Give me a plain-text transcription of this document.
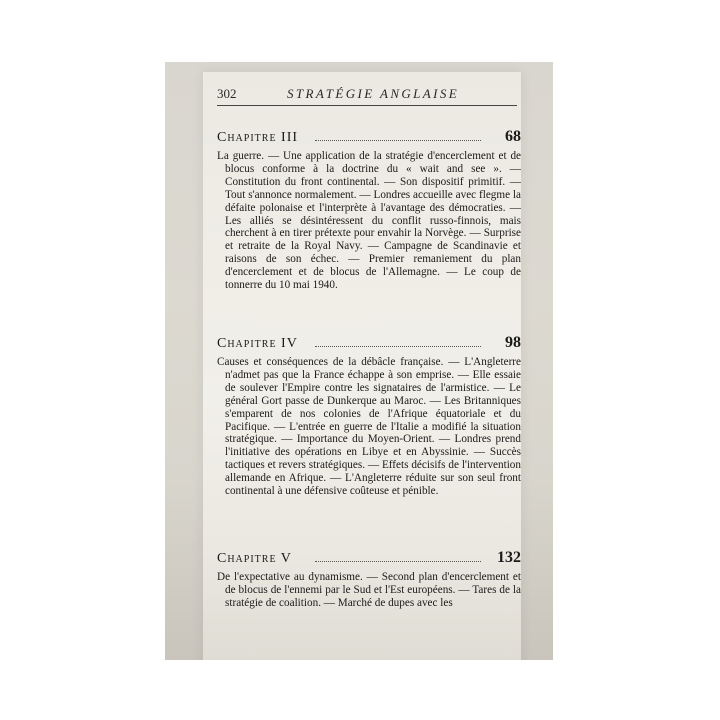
302	STRATÉGIE ANGLAISE
Chapitre III	68

La guerre. — Une application de la stratégie d'encerclement et de blocus conforme à la doctrine du « wait and see ». — Constitution du front continental. — Son dispositif primitif. — Tout s'annonce normalement. — Londres accueille avec flegme la défaite polonaise et l'interprète à l'avantage des démocraties. — Les alliés se désintéressent du conflit russo-finnois, mais cherchent à en tirer prétexte pour envahir la Norvège. — Surprise et retraite de la Royal Navy. — Campagne de Scandinavie et raisons de son échec. — Premier remaniement du plan d'encerclement et de blocus de l'Allemagne. — Le coup de tonnerre du 10 mai 1940.

Chapitre IV	98

Causes et conséquences de la débâcle française. — L'Angleterre n'admet pas que la France échappe à son emprise. — Elle essaie de soulever l'Empire contre les signataires de l'armistice. — Le général Gort passe de Dunkerque au Maroc. — Les Britanniques s'emparent de nos colonies de l'Afrique équatoriale et du Pacifique. — L'entrée en guerre de l'Italie a modifié la situation stratégique. — Importance du Moyen-Orient. — Londres prend l'initiative des opérations en Libye et en Abyssinie. — Succès tactiques et revers stratégiques. — Effets décisifs de l'intervention allemande en Afrique. — L'Angleterre réduite sur son seul front continental à une défensive coûteuse et pénible.

Chapitre V	132

De l'expectative au dynamisme. — Second plan d'encerclement et de blocus de l'ennemi par le Sud et l'Est européens. — Tares de la stratégie de coalition. — Marché de dupes avec les
